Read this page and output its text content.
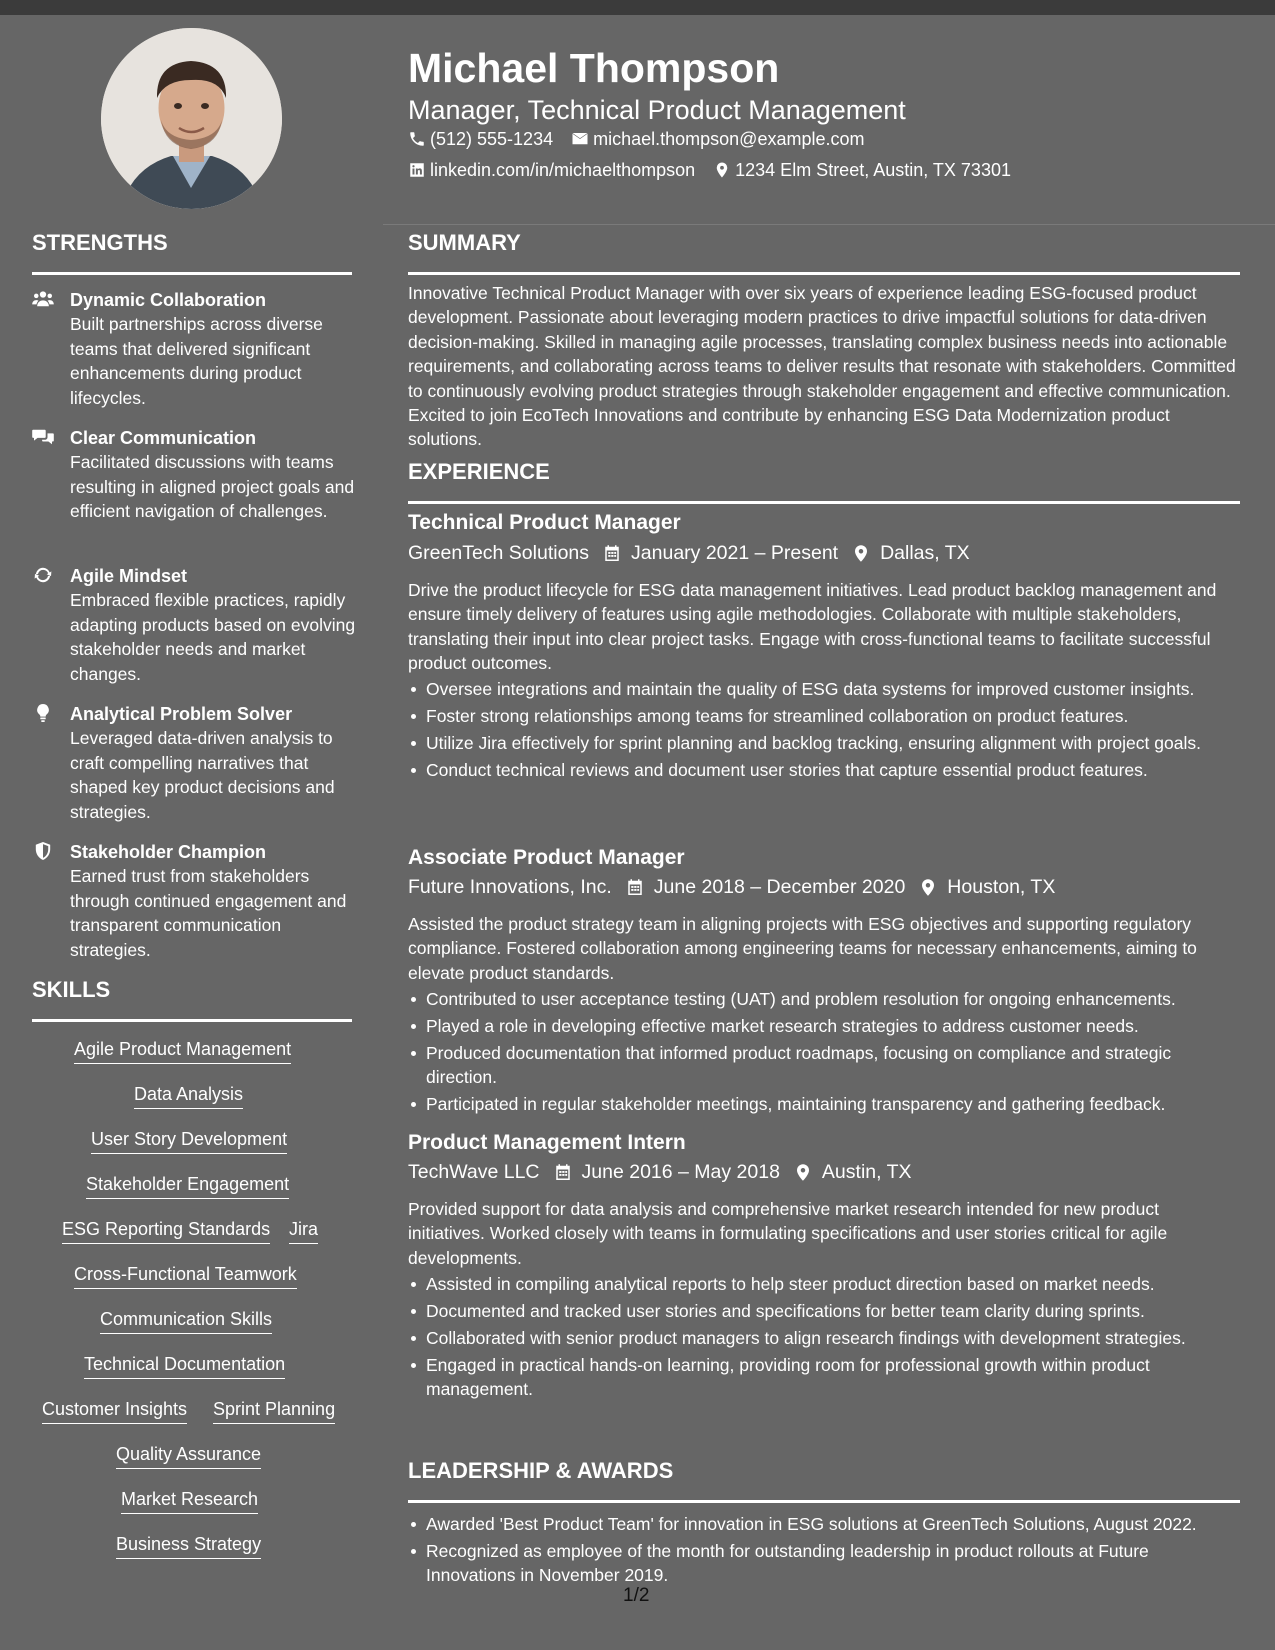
Michael Thompson
Manager, Technical Product Management
(512) 555-1234 michael.thompson@example.com
linkedin.com/in/michaelthompson 1234 Elm Street, Austin, TX 73301
STRENGTHS
Dynamic Collaboration
Built partnerships across diverse teams that delivered significant enhancements during product lifecycles.
Clear Communication
Facilitated discussions with teams resulting in aligned project goals and efficient navigation of challenges.
Agile Mindset
Embraced flexible practices, rapidly adapting products based on evolving stakeholder needs and market changes.
Analytical Problem Solver
Leveraged data-driven analysis to craft compelling narratives that shaped key product decisions and strategies.
Stakeholder Champion
Earned trust from stakeholders through continued engagement and transparent communication strategies.
SKILLS
Agile Product Management
Data Analysis
User Story Development
Stakeholder Engagement
ESG Reporting Standards Jira
Cross-Functional Teamwork
Communication Skills
Technical Documentation
Customer Insights Sprint Planning
Quality Assurance
Market Research
Business Strategy
SUMMARY
Innovative Technical Product Manager with over six years of experience leading ESG-focused product development. Passionate about leveraging modern practices to drive impactful solutions for data-driven decision-making. Skilled in managing agile processes, translating complex business needs into actionable requirements, and collaborating across teams to deliver results that resonate with stakeholders. Committed to continuously evolving product strategies through stakeholder engagement and effective communication. Excited to join EcoTech Innovations and contribute by enhancing ESG Data Modernization product solutions.
EXPERIENCE
Technical Product Manager
GreenTech Solutions January 2021 – Present Dallas, TX
Drive the product lifecycle for ESG data management initiatives. Lead product backlog management and ensure timely delivery of features using agile methodologies. Collaborate with multiple stakeholders, translating their input into clear project tasks. Engage with cross-functional teams to facilitate successful product outcomes.
Oversee integrations and maintain the quality of ESG data systems for improved customer insights.
Foster strong relationships among teams for streamlined collaboration on product features.
Utilize Jira effectively for sprint planning and backlog tracking, ensuring alignment with project goals.
Conduct technical reviews and document user stories that capture essential product features.
Associate Product Manager
Future Innovations, Inc. June 2018 – December 2020 Houston, TX
Assisted the product strategy team in aligning projects with ESG objectives and supporting regulatory compliance. Fostered collaboration among engineering teams for necessary enhancements, aiming to elevate product standards.
Contributed to user acceptance testing (UAT) and problem resolution for ongoing enhancements.
Played a role in developing effective market research strategies to address customer needs.
Produced documentation that informed product roadmaps, focusing on compliance and strategic direction.
Participated in regular stakeholder meetings, maintaining transparency and gathering feedback.
Product Management Intern
TechWave LLC June 2016 – May 2018 Austin, TX
Provided support for data analysis and comprehensive market research intended for new product initiatives. Worked closely with teams in formulating specifications and user stories critical for agile developments.
Assisted in compiling analytical reports to help steer product direction based on market needs.
Documented and tracked user stories and specifications for better team clarity during sprints.
Collaborated with senior product managers to align research findings with development strategies.
Engaged in practical hands-on learning, providing room for professional growth within product management.
LEADERSHIP & AWARDS
Awarded 'Best Product Team' for innovation in ESG solutions at GreenTech Solutions, August 2022.
Recognized as employee of the month for outstanding leadership in product rollouts at Future Innovations in November 2019.
1/2
